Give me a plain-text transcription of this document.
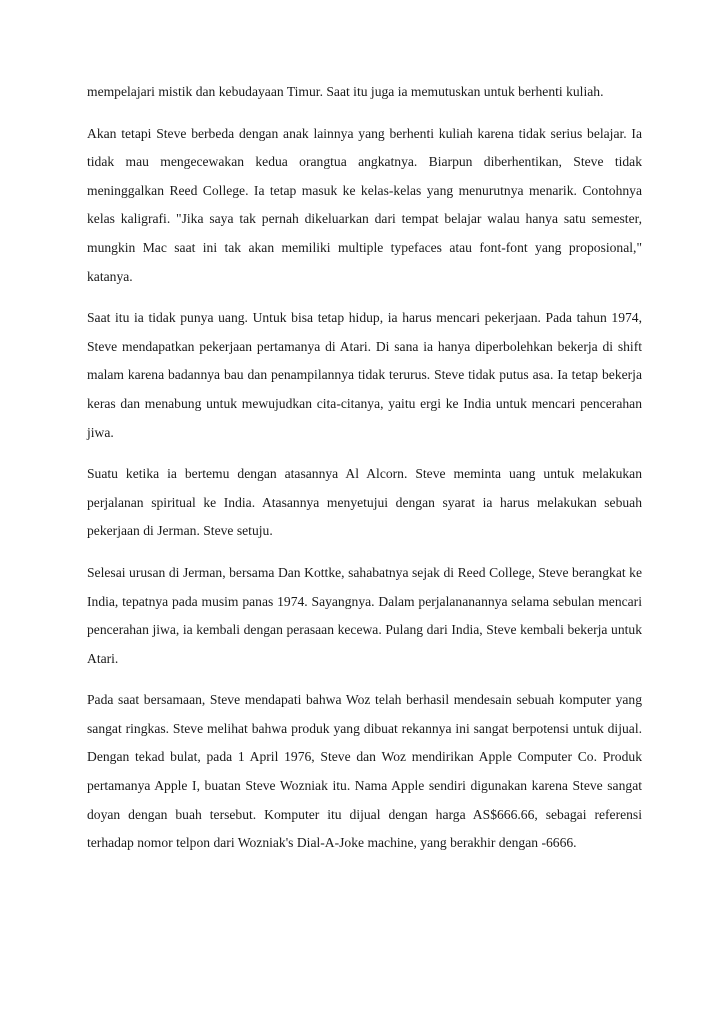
mempelajari mistik dan kebudayaan Timur. Saat itu juga ia memutuskan untuk berhenti kuliah.

Akan tetapi Steve berbeda dengan anak lainnya yang berhenti kuliah karena tidak serius belajar. Ia tidak mau mengecewakan kedua orangtua angkatnya. Biarpun diberhentikan, Steve tidak meninggalkan Reed College. Ia tetap masuk ke kelas-kelas yang menurutnya menarik. Contohnya kelas kaligrafi. "Jika saya tak pernah dikeluarkan dari tempat belajar walau hanya satu semester, mungkin Mac saat ini tak akan memiliki multiple typefaces atau font-font yang proposional," katanya.

Saat itu ia tidak punya uang. Untuk bisa tetap hidup, ia harus mencari pekerjaan. Pada tahun 1974, Steve mendapatkan pekerjaan pertamanya di Atari. Di sana ia hanya diperbolehkan bekerja di shift malam karena badannya bau dan penampilannya tidak terurus. Steve tidak putus asa. Ia tetap bekerja keras dan menabung untuk mewujudkan cita-citanya, yaitu ergi ke India untuk mencari pencerahan jiwa.

Suatu ketika ia bertemu dengan atasannya Al Alcorn. Steve meminta uang untuk melakukan perjalanan spiritual ke India. Atasannya menyetujui dengan syarat ia harus melakukan sebuah pekerjaan di Jerman. Steve setuju.

Selesai urusan di Jerman, bersama Dan Kottke, sahabatnya sejak di Reed College, Steve berangkat ke India, tepatnya pada musim panas 1974. Sayangnya. Dalam perjalananannya selama sebulan mencari pencerahan jiwa, ia kembali dengan perasaan kecewa. Pulang dari India, Steve kembali bekerja untuk Atari.

Pada saat bersamaan, Steve mendapati bahwa Woz telah berhasil mendesain sebuah komputer yang sangat ringkas. Steve melihat bahwa produk yang dibuat rekannya ini sangat berpotensi untuk dijual. Dengan tekad bulat, pada 1 April 1976, Steve dan Woz mendirikan Apple Computer Co. Produk pertamanya Apple I, buatan Steve Wozniak itu. Nama Apple sendiri digunakan karena Steve sangat doyan dengan buah tersebut. Komputer itu dijual dengan harga AS$666.66, sebagai referensi terhadap nomor telpon dari Wozniak's Dial-A-Joke machine, yang berakhir dengan -6666.
